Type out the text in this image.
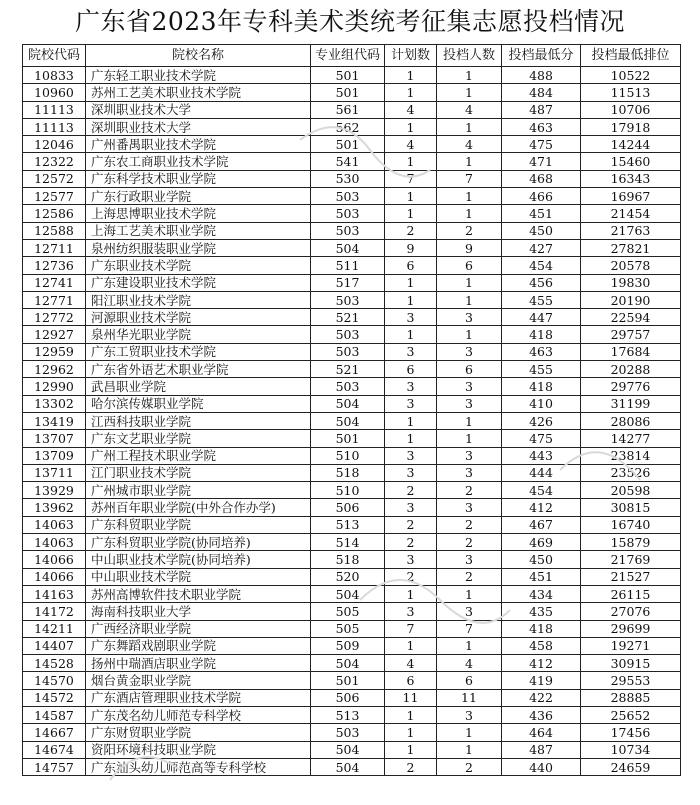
广东省2023年专科美术类统考征集志愿投档情况
院校代码	院校名称	专业组代码	计划数	投档人数	投档最低分	投档最低排位
10833	广东轻工职业技术学院	501	1	1	488	10522
10960	苏州工艺美术职业技术学院	501	1	1	484	11513
11113	深圳职业技术大学	561	4	4	487	10706
11113	深圳职业技术大学	562	1	1	463	17918
12046	广州番禺职业技术学院	501	4	4	475	14244
12322	广东农工商职业技术学院	541	1	1	471	15460
12572	广东科学技术职业学院	530	7	7	468	16343
12577	广东行政职业学院	503	1	1	466	16967
12586	上海思博职业技术学院	503	1	1	451	21454
12588	上海工艺美术职业学院	503	2	2	450	21763
12711	泉州纺织服装职业学院	504	9	9	427	27821
12736	广东职业技术学院	511	6	6	454	20578
12741	广东建设职业技术学院	517	1	1	456	19830
12771	阳江职业技术学院	503	1	1	455	20190
12772	河源职业技术学院	521	3	3	447	22594
12927	泉州华光职业学院	503	1	1	418	29757
12959	广东工贸职业技术学院	503	3	3	463	17684
12962	广东省外语艺术职业学院	521	6	6	455	20288
12990	武昌职业学院	503	3	3	418	29776
13302	哈尔滨传媒职业学院	504	3	3	410	31199
13419	江西科技职业学院	504	1	1	426	28086
13707	广东文艺职业学院	501	1	1	475	14277
13709	广州工程技术职业学院	510	3	3	443	23814
13711	江门职业技术学院	518	3	3	444	23526
13929	广州城市职业学院	510	2	2	454	20598
13962	苏州百年职业学院(中外合作办学)	506	3	3	412	30815
14063	广东科贸职业学院	513	2	2	467	16740
14063	广东科贸职业学院(协同培养)	514	2	2	469	15879
14066	中山职业技术学院(协同培养)	518	3	3	450	21769
14066	中山职业技术学院	520	2	2	451	21527
14163	苏州高博软件技术职业学院	504	1	1	434	26115
14172	海南科技职业大学	505	3	3	435	27076
14211	广西经济职业学院	505	7	7	418	29699
14407	广东舞蹈戏剧职业学院	509	1	1	458	19271
14528	扬州中瑞酒店职业学院	504	4	4	412	30915
14570	烟台黄金职业学院	501	6	6	419	29553
14572	广东酒店管理职业技术学院	506	11	11	422	28885
14587	广东茂名幼儿师范专科学校	513	1	3	436	25652
14667	广东财贸职业学院	503	1	1	464	17456
14674	资阳环境科技职业学院	504	1	1	487	10734
14757	广东汕头幼儿师范高等专科学校	504	2	2	440	24659
